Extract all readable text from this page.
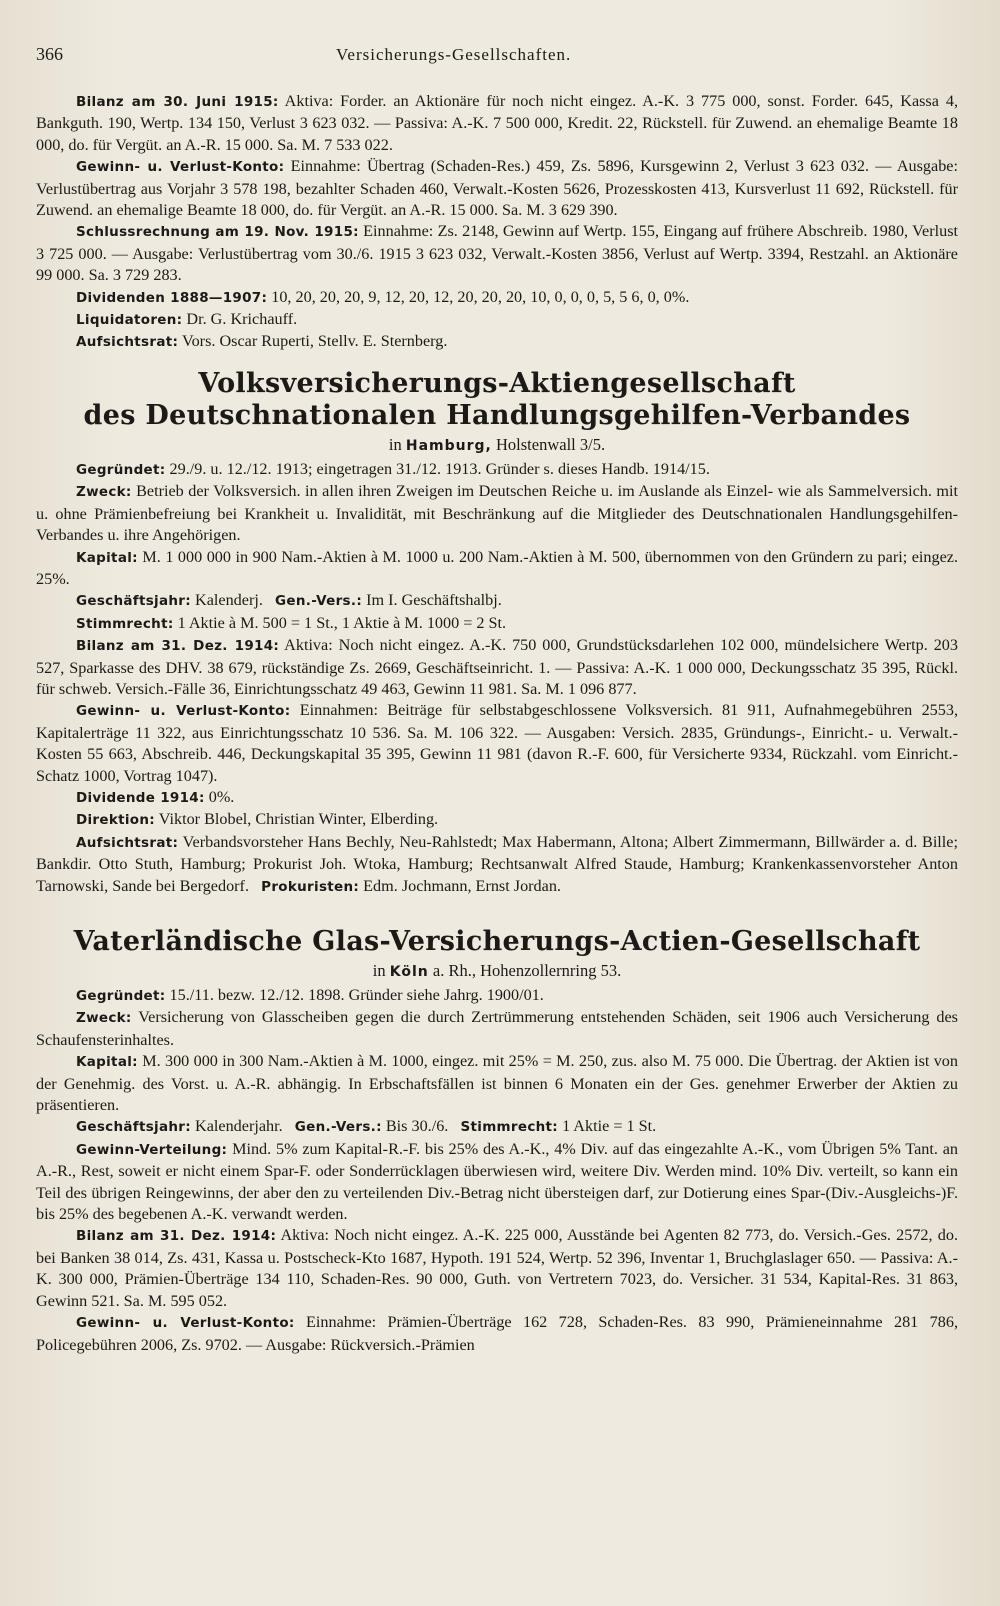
366	Versicherungs-Gesellschaften.

Bilanz am 30. Juni 1915: Aktiva: Forder. an Aktionäre für noch nicht eingez. A.-K. 3 775 000, sonst. Forder. 645, Kassa 4, Bankguth. 190, Wertp. 134 150, Verlust 3 623 032. — Passiva: A.-K. 7 500 000, Kredit. 22, Rückstell. für Zuwend. an ehemalige Beamte 18 000, do. für Vergüt. an A.-R. 15 000. Sa. M. 7 533 022.

Gewinn- u. Verlust-Konto: Einnahme: Übertrag (Schaden-Res.) 459, Zs. 5896, Kursgewinn 2, Verlust 3 623 032. — Ausgabe: Verlustübertrag aus Vorjahr 3 578 198, bezahlter Schaden 460, Verwalt.-Kosten 5626, Prozesskosten 413, Kursverlust 11 692, Rückstell. für Zuwend. an ehemalige Beamte 18 000, do. für Vergüt. an A.-R. 15 000. Sa. M. 3 629 390.

Schlussrechnung am 19. Nov. 1915: Einnahme: Zs. 2148, Gewinn auf Wertp. 155, Eingang auf frühere Abschreib. 1980, Verlust 3 725 000. — Ausgabe: Verlustübertrag vom 30./6. 1915 3 623 032, Verwalt.-Kosten 3856, Verlust auf Wertp. 3394, Restzahl. an Aktionäre 99 000. Sa. 3 729 283.

Dividenden 1888—1907: 10, 20, 20, 20, 9, 12, 20, 12, 20, 20, 20, 10, 0, 0, 0, 5, 5 6, 0, 0%.

Liquidatoren: Dr. G. Krichauff.

Aufsichtsrat: Vors. Oscar Ruperti, Stellv. E. Sternberg.

Volksversicherungs-Aktiengesellschaft
des Deutschnationalen Handlungsgehilfen-Verbandes
in Hamburg, Holstenwall 3/5.

Gegründet: 29./9. u. 12./12. 1913; eingetragen 31./12. 1913. Gründer s. dieses Handb. 1914/15.

Zweck: Betrieb der Volksversich. in allen ihren Zweigen im Deutschen Reiche u. im Auslande als Einzel- wie als Sammelversich. mit u. ohne Prämienbefreiung bei Krankheit u. Invalidität, mit Beschränkung auf die Mitglieder des Deutschnationalen Handlungsgehilfen-Verbandes u. ihre Angehörigen.

Kapital: M. 1 000 000 in 900 Nam.-Aktien à M. 1000 u. 200 Nam.-Aktien à M. 500, übernommen von den Gründern zu pari; eingez. 25%.

Geschäftsjahr: Kalenderj. Gen.-Vers.: Im I. Geschäftshalbj.

Stimmrecht: 1 Aktie à M. 500 = 1 St., 1 Aktie à M. 1000 = 2 St.

Bilanz am 31. Dez. 1914: Aktiva: Noch nicht eingez. A.-K. 750 000, Grundstücksdarlehen 102 000, mündelsichere Wertp. 203 527, Sparkasse des DHV. 38 679, rückständige Zs. 2669, Geschäftseinricht. 1. — Passiva: A.-K. 1 000 000, Deckungsschatz 35 395, Rückl. für schweb. Versich.-Fälle 36, Einrichtungsschatz 49 463, Gewinn 11 981. Sa. M. 1 096 877.

Gewinn- u. Verlust-Konto: Einnahmen: Beiträge für selbstabgeschlossene Volksversich. 81 911, Aufnahmegebühren 2553, Kapitalerträge 11 322, aus Einrichtungsschatz 10 536. Sa. M. 106 322. — Ausgaben: Versich. 2835, Gründungs-, Einricht.- u. Verwalt.-Kosten 55 663, Abschreib. 446, Deckungskapital 35 395, Gewinn 11 981 (davon R.-F. 600, für Versicherte 9334, Rückzahl. vom Einricht.-Schatz 1000, Vortrag 1047).

Dividende 1914: 0%.

Direktion: Viktor Blobel, Christian Winter, Elberding.

Aufsichtsrat: Verbandsvorsteher Hans Bechly, Neu-Rahlstedt; Max Habermann, Altona; Albert Zimmermann, Billwärder a. d. Bille; Bankdir. Otto Stuth, Hamburg; Prokurist Joh. Wtoka, Hamburg; Rechtsanwalt Alfred Staude, Hamburg; Krankenkassenvorsteher Anton Tarnowski, Sande bei Bergedorf. Prokuristen: Edm. Jochmann, Ernst Jordan.

Vaterländische Glas-Versicherungs-Actien-Gesellschaft
in Köln a. Rh., Hohenzollernring 53.

Gegründet: 15./11. bezw. 12./12. 1898. Gründer siehe Jahrg. 1900/01.

Zweck: Versicherung von Glasscheiben gegen die durch Zertrümmerung entstehenden Schäden, seit 1906 auch Versicherung des Schaufensterinhaltes.

Kapital: M. 300 000 in 300 Nam.-Aktien à M. 1000, eingez. mit 25% = M. 250, zus. also M. 75 000. Die Übertrag. der Aktien ist von der Genehmig. des Vorst. u. A.-R. abhängig. In Erbschaftsfällen ist binnen 6 Monaten ein der Ges. genehmer Erwerber der Aktien zu präsentieren.

Geschäftsjahr: Kalenderjahr. Gen.-Vers.: Bis 30./6. Stimmrecht: 1 Aktie = 1 St.

Gewinn-Verteilung: Mind. 5% zum Kapital-R.-F. bis 25% des A.-K., 4% Div. auf das eingezahlte A.-K., vom Übrigen 5% Tant. an A.-R., Rest, soweit er nicht einem Spar-F. oder Sonderrücklagen überwiesen wird, weitere Div. Werden mind. 10% Div. verteilt, so kann ein Teil des übrigen Reingewinns, der aber den zu verteilenden Div.-Betrag nicht übersteigen darf, zur Dotierung eines Spar-(Div.-Ausgleichs-)F. bis 25% des begebenen A.-K. verwandt werden.

Bilanz am 31. Dez. 1914: Aktiva: Noch nicht eingez. A.-K. 225 000, Ausstände bei Agenten 82 773, do. Versich.-Ges. 2572, do. bei Banken 38 014, Zs. 431, Kassa u. Postscheck-Kto 1687, Hypoth. 191 524, Wertp. 52 396, Inventar 1, Bruchglaslager 650. — Passiva: A.-K. 300 000, Prämien-Überträge 134 110, Schaden-Res. 90 000, Guth. von Vertretern 7023, do. Versicher. 31 534, Kapital-Res. 31 863, Gewinn 521. Sa. M. 595 052.

Gewinn- u. Verlust-Konto: Einnahme: Prämien-Überträge 162 728, Schaden-Res. 83 990, Prämieneinnahme 281 786, Policegebühren 2006, Zs. 9702. — Ausgabe: Rückversich.-Prämien
